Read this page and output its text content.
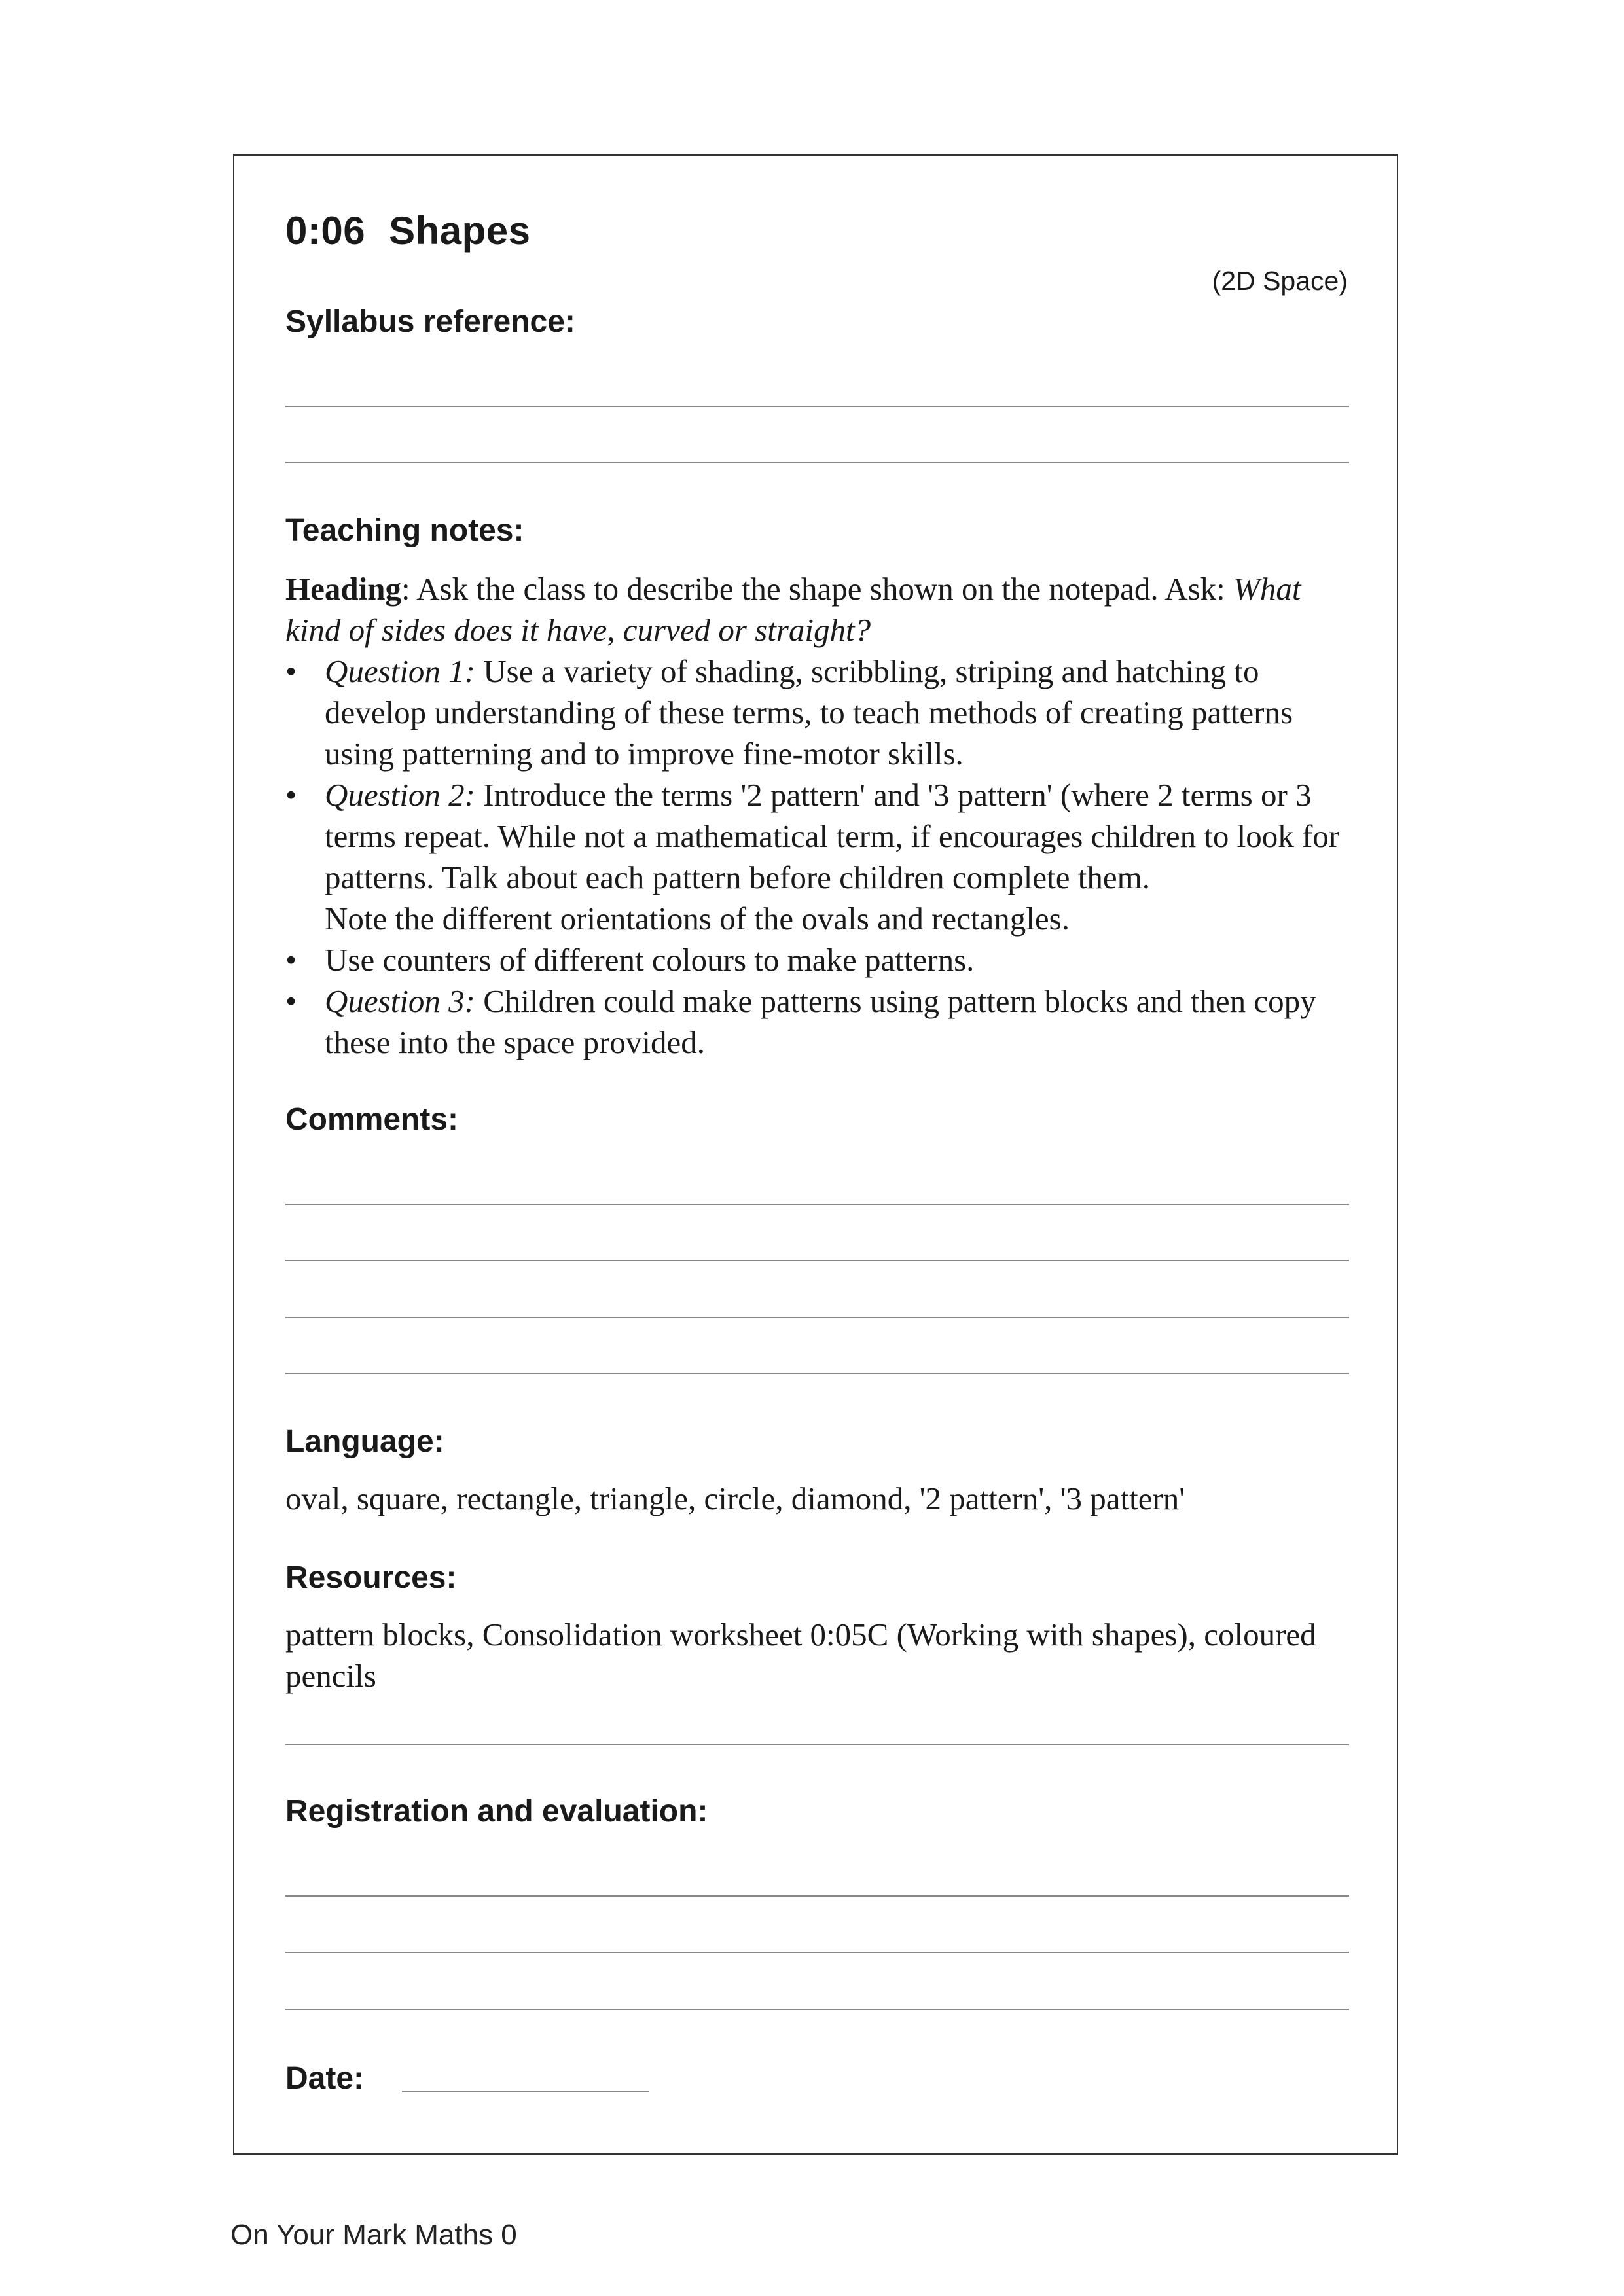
0:06 Shapes
(2D Space)
Syllabus reference:
Teaching notes:

Heading: Ask the class to describe the shape shown on the notepad. Ask: What kind of sides does it have, curved or straight?

• Question 1: Use a variety of shading, scribbling, striping and hatching to develop understanding of these terms, to teach methods of creating patterns using patterning and to improve fine-motor skills.
• Question 2: Introduce the terms '2 pattern' and '3 pattern' (where 2 terms or 3 terms repeat. While not a mathematical term, if encourages children to look for patterns. Talk about each pattern before children complete them.
Note the different orientations of the ovals and rectangles.
• Use counters of different colours to make patterns.
• Question 3: Children could make patterns using pattern blocks and then copy these into the space provided.
Comments:
Language:
oval, square, rectangle, triangle, circle, diamond, '2 pattern', '3 pattern'
Resources:
pattern blocks, Consolidation worksheet 0:05C (Working with shapes), coloured pencils
Registration and evaluation:
Date:
On Your Mark Maths 0
